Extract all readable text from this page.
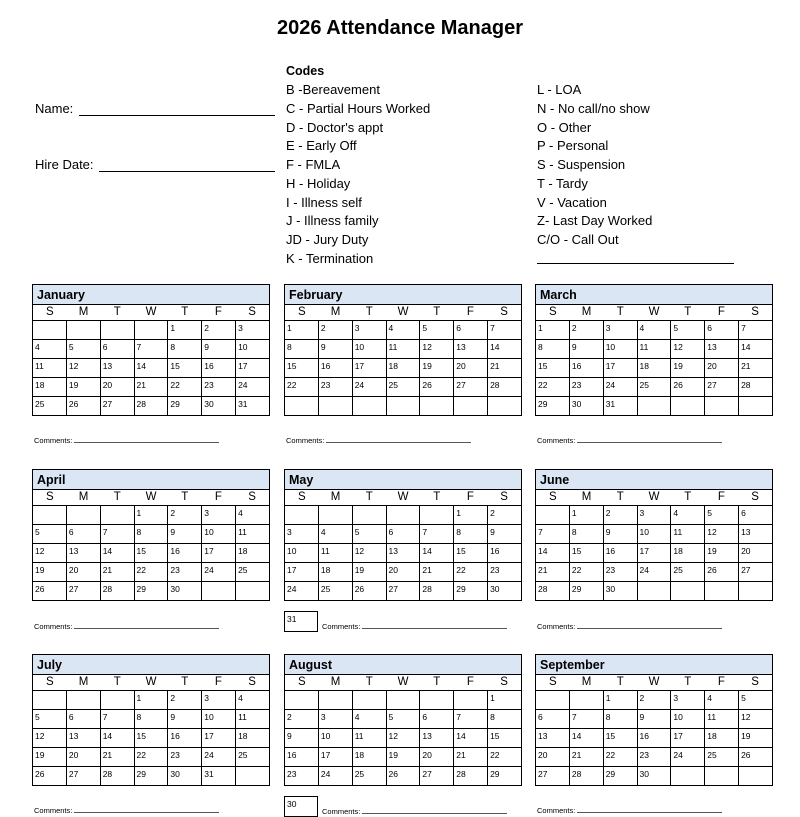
2026 Attendance Manager
Name:
Hire Date:
Codes
B -Bereavement
C - Partial Hours Worked
D - Doctor's appt
E - Early Off
F - FMLA
H - Holiday
I - Illness self
J - Illness family
JD - Jury Duty
K - Termination
L - LOA
N - No call/no show
O - Other
P - Personal
S - Suspension
T - Tardy
V - Vacation
Z- Last Day Worked
C/O - Call Out
January
S	M	T	W	T	F	S
				1	2	3
4	5	6	7	8	9	10
11	12	13	14	15	16	17
18	19	20	21	22	23	24
25	26	27	28	29	30	31
Comments:
February
S	M	T	W	T	F	S
1	2	3	4	5	6	7
8	9	10	11	12	13	14
15	16	17	18	19	20	21
22	23	24	25	26	27	28

Comments:
March
S	M	T	W	T	F	S
1	2	3	4	5	6	7
8	9	10	11	12	13	14
15	16	17	18	19	20	21
22	23	24	25	26	27	28
29	30	31				
Comments:
April
S	M	T	W	T	F	S
			1	2	3	4
5	6	7	8	9	10	11
12	13	14	15	16	17	18
19	20	21	22	23	24	25
26	27	28	29	30		
Comments:
May
S	M	T	W	T	F	S
					1	2
3	4	5	6	7	8	9
10	11	12	13	14	15	16
17	18	19	20	21	22	23
24	25	26	27	28	29	30
31
Comments:
June
S	M	T	W	T	F	S
	1	2	3	4	5	6
7	8	9	10	11	12	13
14	15	16	17	18	19	20
21	22	23	24	25	26	27
28	29	30				
Comments:
July
S	M	T	W	T	F	S
			1	2	3	4
5	6	7	8	9	10	11
12	13	14	15	16	17	18
19	20	21	22	23	24	25
26	27	28	29	30	31	
Comments:
August
S	M	T	W	T	F	S
						1
2	3	4	5	6	7	8
9	10	11	12	13	14	15
16	17	18	19	20	21	22
23	24	25	26	27	28	29
30
Comments:
September
S	M	T	W	T	F	S
		1	2	3	4	5
6	7	8	9	10	11	12
13	14	15	16	17	18	19
20	21	22	23	24	25	26
27	28	29	30			
Comments:
